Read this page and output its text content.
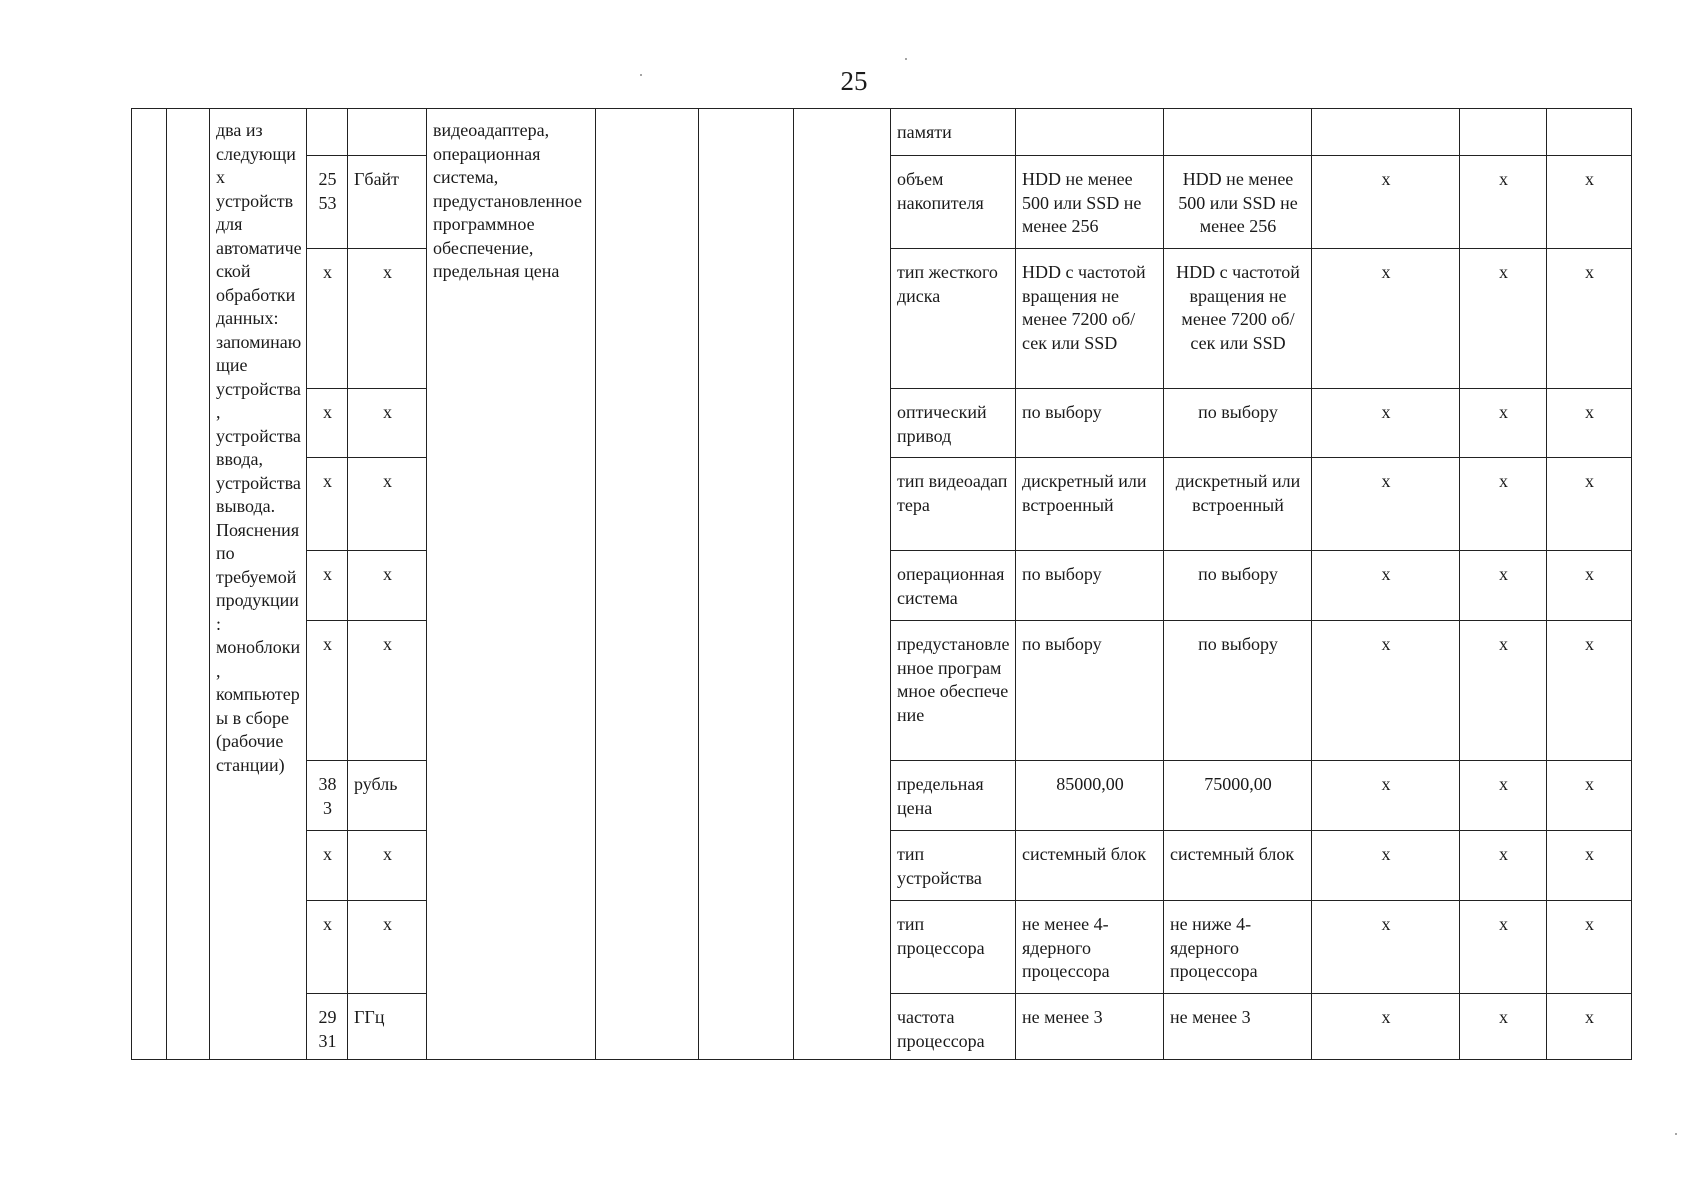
25
		два из следующих устройств для автоматической обработки данных: запоминающие устройства, устройства ввода, устройства вывода. Пояснения по требуемой продукции: моноблоки, компьютеры в сборе (рабочие станции)			видеоадаптера, операционная система, предустановленное программное обеспечение, предельная цена				памяти					
			25 53	Гбайт					объем накопителя	HDD не менее 500 или SSD не менее 256	HDD не менее 500 или SSD не менее 256	x	x	x
			x	x					тип жесткого диска	HDD с частотой вращения не менее 7200 об/сек или SSD	HDD с частотой вращения не менее 7200 об/сек или SSD	x	x	x
			x	x					оптический привод	по выбору	по выбору	x	x	x
			x	x					тип видеоадаптера	дискретный или встроенный	дискретный или встроенный	x	x	x
			x	x					операционная система	по выбору	по выбору	x	x	x
			x	x					предустановленное программное обеспечение	по выбору	по выбору	x	x	x
			38 3	рубль					предельная цена	85000,00	75000,00	x	x	x
			x	x					тип устройства	системный блок	системный блок	x	x	x
			x	x					тип процессора	не менее 4-ядерного процессора	не ниже 4-ядерного процессора	x	x	x
			29 31	ГГц					частота процессора	не менее 3	не менее 3	x	x	x
